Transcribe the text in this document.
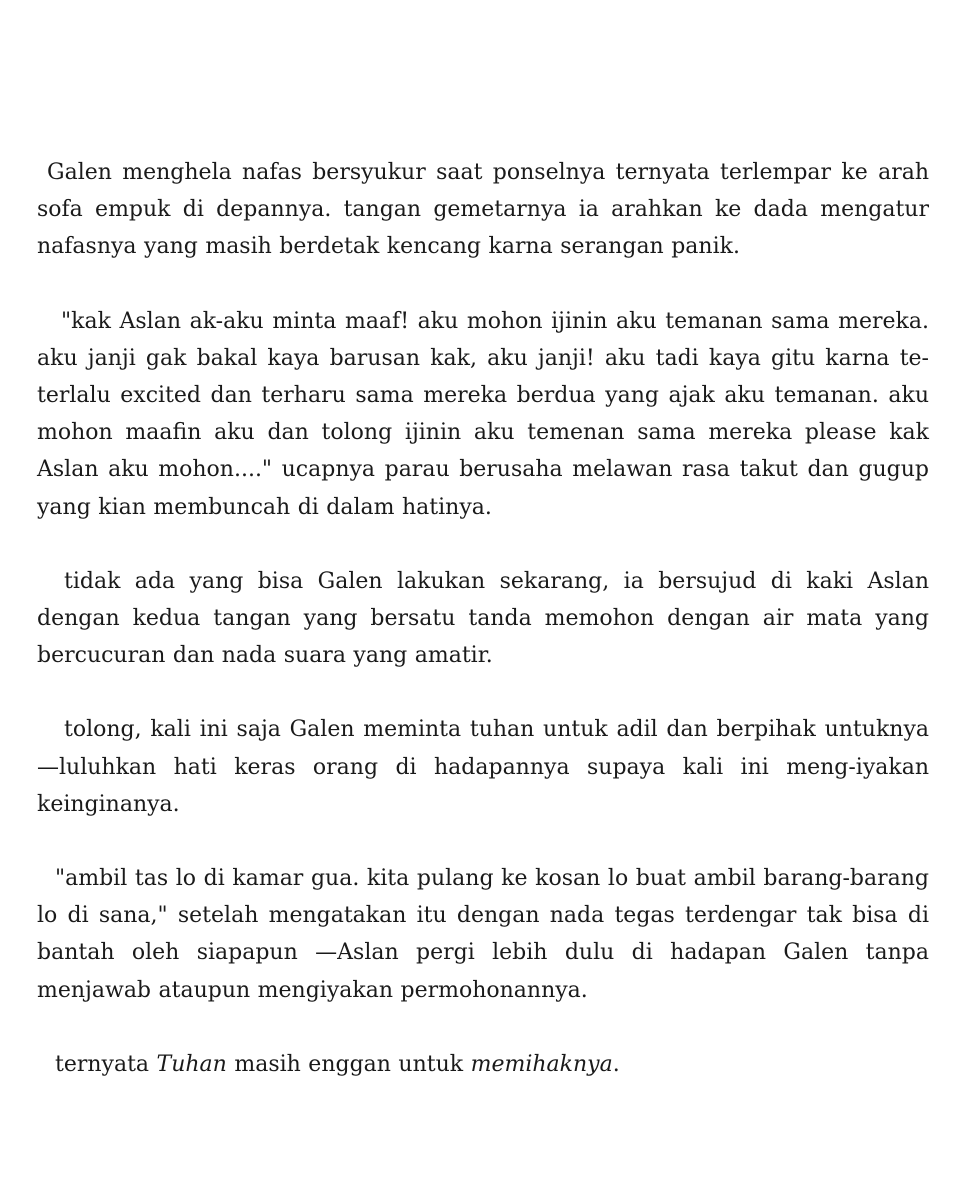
Galen menghela nafas bersyukur saat ponselnya ternyata terlempar ke arah sofa empuk di depannya. tangan gemetarnya ia arahkan ke dada mengatur nafasnya yang masih berdetak kencang karna serangan panik.

"kak Aslan ak-aku minta maaf! aku mohon ijinin aku temanan sama mereka. aku janji gak bakal kaya barusan kak, aku janji! aku tadi kaya gitu karna te-terlalu excited dan terharu sama mereka berdua yang ajak aku temanan. aku mohon maafin aku dan tolong ijinin aku temenan sama mereka please kak Aslan aku mohon...." ucapnya parau berusaha melawan rasa takut dan gugup yang kian membuncah di dalam hatinya.

tidak ada yang bisa Galen lakukan sekarang, ia bersujud di kaki Aslan dengan kedua tangan yang bersatu tanda memohon dengan air mata yang bercucuran dan nada suara yang amatir.

tolong, kali ini saja Galen meminta tuhan untuk adil dan berpihak untuknya —luluhkan hati keras orang di hadapannya supaya kali ini meng-iyakan keinginanya.

"ambil tas lo di kamar gua. kita pulang ke kosan lo buat ambil barang-barang lo di sana," setelah mengatakan itu dengan nada tegas terdengar tak bisa di bantah oleh siapapun —Aslan pergi lebih dulu di hadapan Galen tanpa menjawab ataupun mengiyakan permohonannya.

ternyata Tuhan masih enggan untuk memihaknya.
